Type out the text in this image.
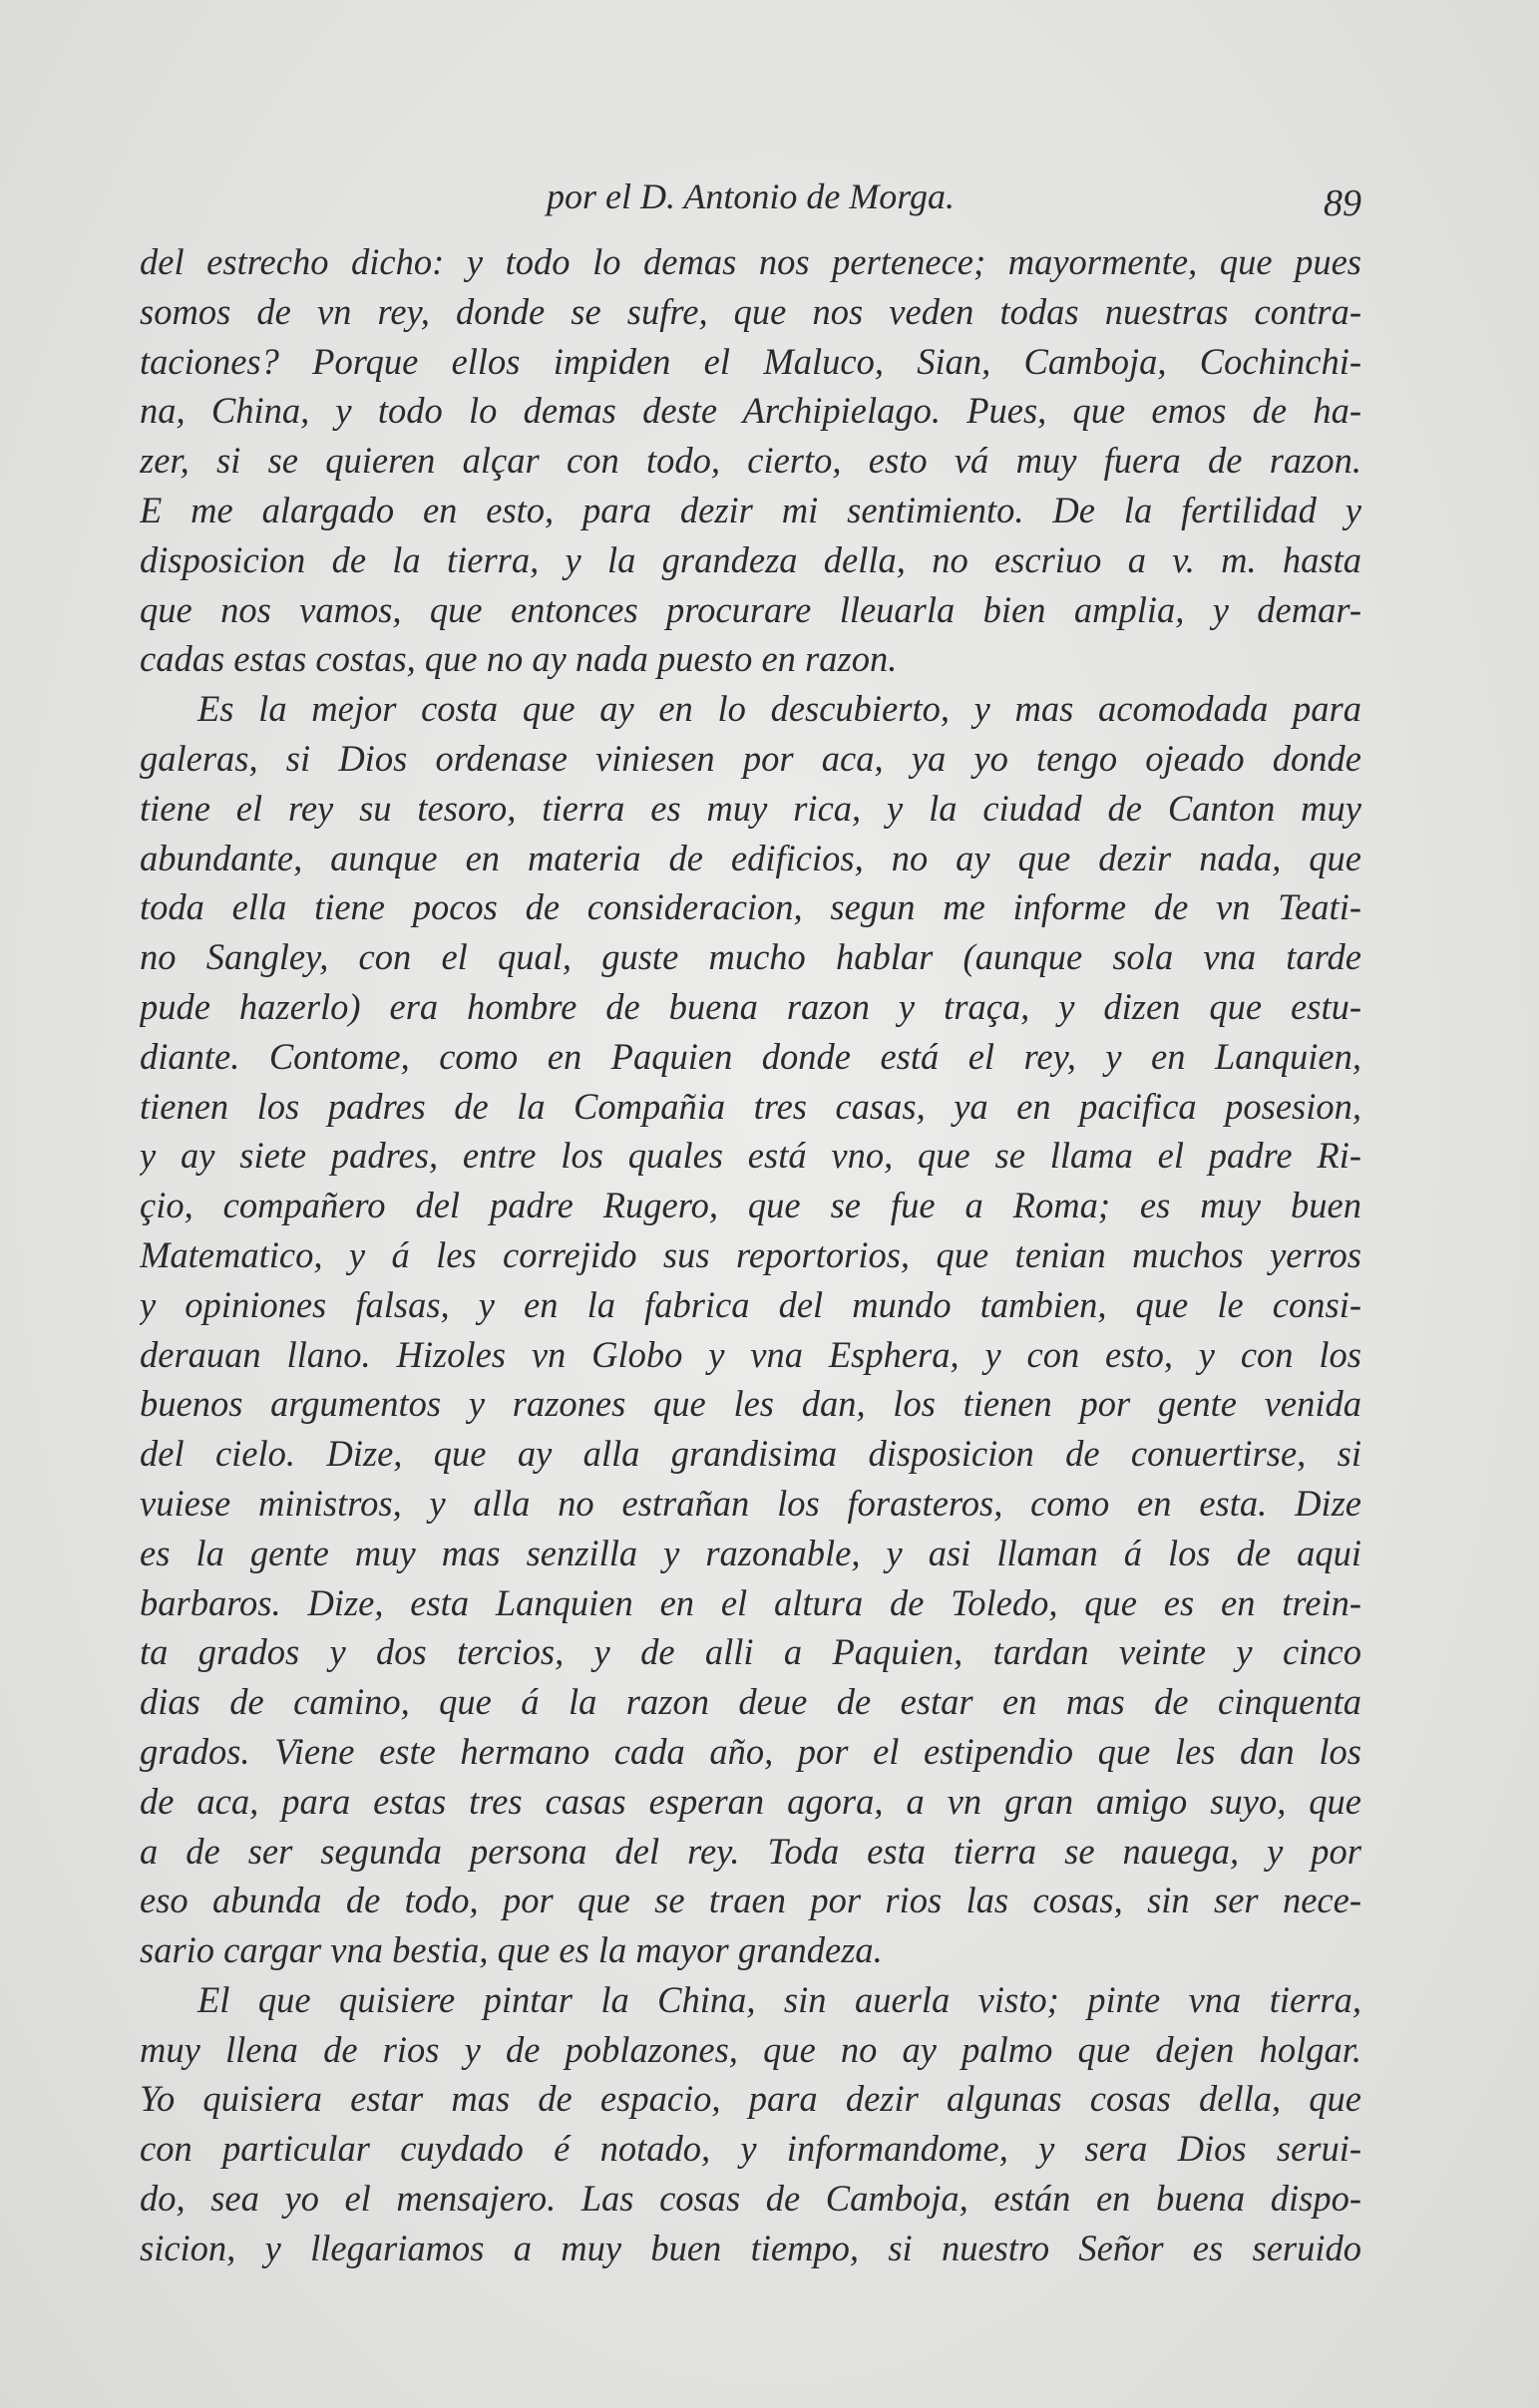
por el D. Antonio de Morga.	89
del estrecho dicho: y todo lo demas nos pertenece; mayormente, que pues
somos de vn rey, donde se sufre, que nos veden todas nuestras contra-
taciones? Porque ellos impiden el Maluco, Sian, Camboja, Cochinchi-
na, China, y todo lo demas deste Archipielago. Pues, que emos de ha-
zer, si se quieren alçar con todo, cierto, esto vá muy fuera de razon.
E me alargado en esto, para dezir mi sentimiento. De la fertilidad y
disposicion de la tierra, y la grandeza della, no escriuo a v. m. hasta
que nos vamos, que entonces procurare lleuarla bien amplia, y demar-
cadas estas costas, que no ay nada puesto en razon.
Es la mejor costa que ay en lo descubierto, y mas acomodada para
galeras, si Dios ordenase viniesen por aca, ya yo tengo ojeado donde
tiene el rey su tesoro, tierra es muy rica, y la ciudad de Canton muy
abundante, aunque en materia de edificios, no ay que dezir nada, que
toda ella tiene pocos de consideracion, segun me informe de vn Teati-
no Sangley, con el qual, guste mucho hablar (aunque sola vna tarde
pude hazerlo) era hombre de buena razon y traça, y dizen que estu-
diante. Contome, como en Paquien donde está el rey, y en Lanquien,
tienen los padres de la Compañia tres casas, ya en pacifica posesion,
y ay siete padres, entre los quales está vno, que se llama el padre Ri-
çio, compañero del padre Rugero, que se fue a Roma; es muy buen
Matematico, y á les correjido sus reportorios, que tenian muchos yerros
y opiniones falsas, y en la fabrica del mundo tambien, que le consi-
derauan llano. Hizoles vn Globo y vna Esphera, y con esto, y con los
buenos argumentos y razones que les dan, los tienen por gente venida
del cielo. Dize, que ay alla grandisima disposicion de conuertirse, si
vuiese ministros, y alla no estrañan los forasteros, como en esta. Dize
es la gente muy mas senzilla y razonable, y asi llaman á los de aqui
barbaros. Dize, esta Lanquien en el altura de Toledo, que es en trein-
ta grados y dos tercios, y de alli a Paquien, tardan veinte y cinco
dias de camino, que á la razon deue de estar en mas de cinquenta
grados. Viene este hermano cada año, por el estipendio que les dan los
de aca, para estas tres casas esperan agora, a vn gran amigo suyo, que
a de ser segunda persona del rey. Toda esta tierra se nauega, y por
eso abunda de todo, por que se traen por rios las cosas, sin ser nece-
sario cargar vna bestia, que es la mayor grandeza.
El que quisiere pintar la China, sin auerla visto; pinte vna tierra,
muy llena de rios y de poblazones, que no ay palmo que dejen holgar.
Yo quisiera estar mas de espacio, para dezir algunas cosas della, que
con particular cuydado é notado, y informandome, y sera Dios serui-
do, sea yo el mensajero. Las cosas de Camboja, están en buena dispo-
sicion, y llegariamos a muy buen tiempo, si nuestro Señor es seruido
